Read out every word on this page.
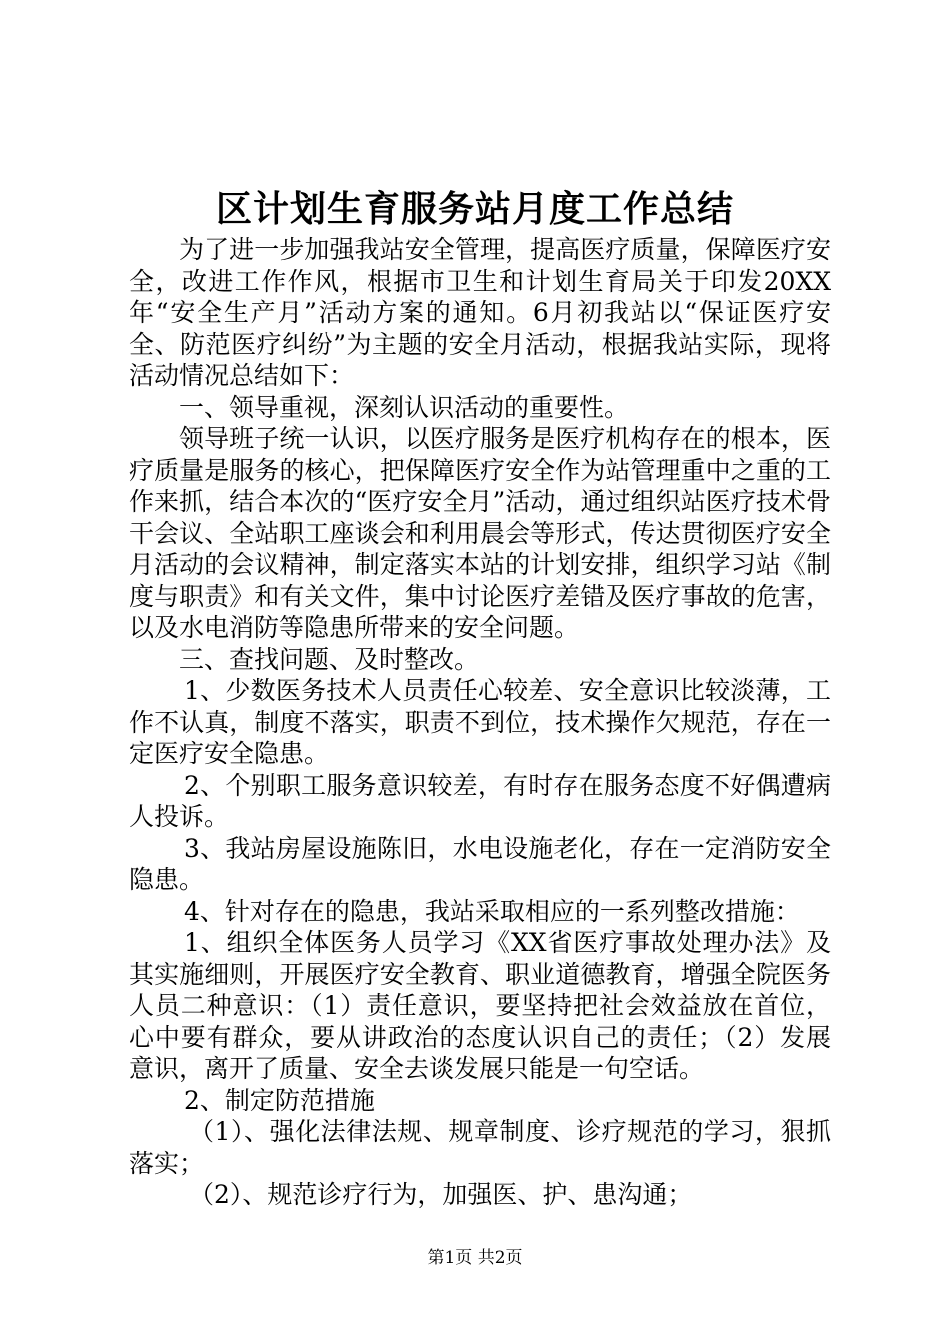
区计划生育服务站月度工作总结

为了进一步加强我站安全管理，提高医疗质量，保障医疗安全，改进工作作风，根据市卫生和计划生育局关于印发20XX年“安全生产月”活动方案的通知。6月初我站以“保证医疗安全、防范医疗纠纷”为主题的安全月活动，根据我站实际，现将活动情况总结如下：

一、领导重视，深刻认识活动的重要性。

领导班子统一认识，以医疗服务是医疗机构存在的根本，医疗质量是服务的核心，把保障医疗安全作为站管理重中之重的工作来抓，结合本次的“医疗安全月”活动，通过组织站医疗技术骨干会议、全站职工座谈会和利用晨会等形式，传达贯彻医疗安全月活动的会议精神，制定落实本站的计划安排，组织学习站《制度与职责》和有关文件，集中讨论医疗差错及医疗事故的危害，以及水电消防等隐患所带来的安全问题。

三、查找问题、及时整改。

1、少数医务技术人员责任心较差、安全意识比较淡薄，工作不认真，制度不落实，职责不到位，技术操作欠规范，存在一定医疗安全隐患。

2、个别职工服务意识较差，有时存在服务态度不好偶遭病人投诉。

3、我站房屋设施陈旧，水电设施老化，存在一定消防安全隐患。

4、针对存在的隐患，我站采取相应的一系列整改措施：

1、组织全体医务人员学习《XX省医疗事故处理办法》及其实施细则，开展医疗安全教育、职业道德教育，增强全院医务人员二种意识：（1）责任意识，要坚持把社会效益放在首位，心中要有群众，要从讲政治的态度认识自己的责任；（2）发展意识，离开了质量、安全去谈发展只能是一句空话。

2、制定防范措施

（1）、强化法律法规、规章制度、诊疗规范的学习，狠抓落实；

（2）、规范诊疗行为，加强医、护、患沟通；

第1页 共2页
